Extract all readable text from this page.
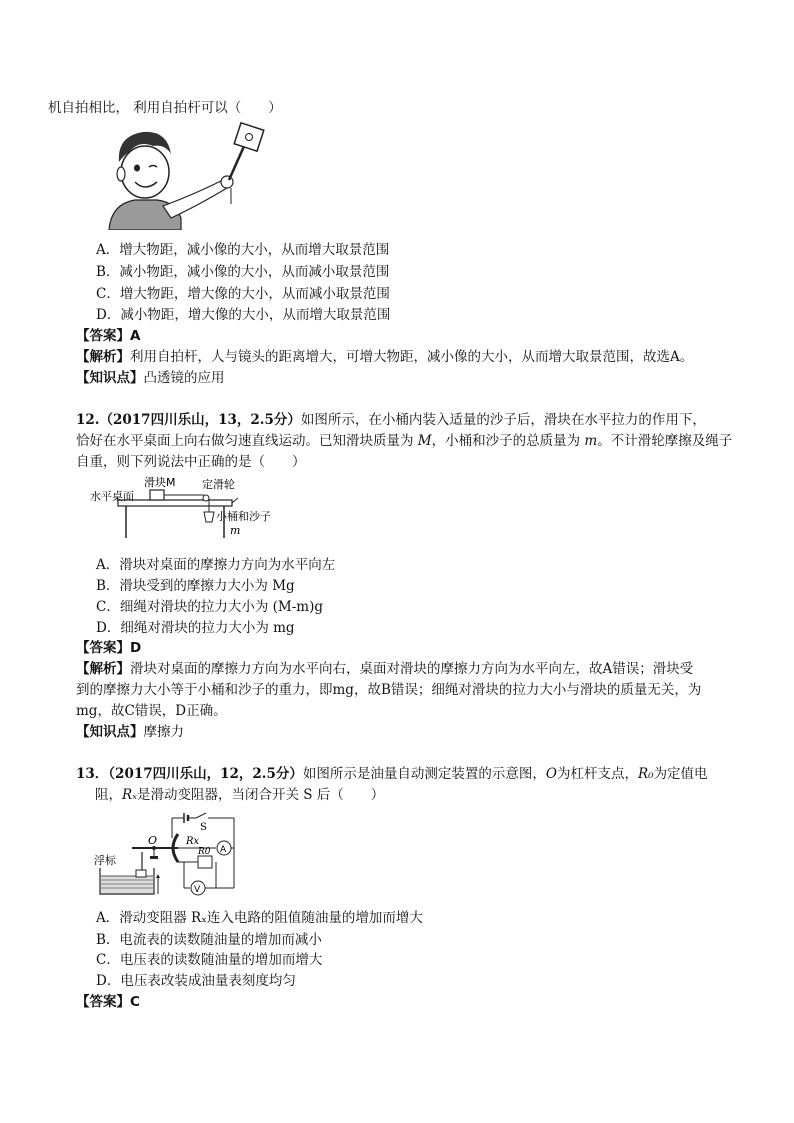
机自拍相比， 利用自拍杆可以（　　）
A．增大物距，减小像的大小，从而增大取景范围
B．减小物距，减小像的大小，从而减小取景范围
C．增大物距，增大像的大小，从而减小取景范围
D．减小物距，增大像的大小，从而增大取景范围
【答案】A
【解析】利用自拍杆，人与镜头的距离增大，可增大物距，减小像的大小，从而增大取景范围，故选A。
【知识点】凸透镜的应用
12.（2017四川乐山，13，2.5分）如图所示，在小桶内装入适量的沙子后，滑块在水平拉力的作用下，
恰好在水平桌面上向右做匀速直线运动。已知滑块质量为 M，小桶和沙子的总质量为 m。不计滑轮摩擦及绳子
自重，则下列说法中正确的是（　　）
水平桌面
滑块M 定滑轮
小桶和沙子
m
A．滑块对桌面的摩擦力方向为水平向左
B．滑块受到的摩擦力大小为 Mg
C．细绳对滑块的拉力大小为 (M-m)g
D．细绳对滑块的拉力大小为 mg
【答案】D
【解析】滑块对桌面的摩擦力方向为水平向右，桌面对滑块的摩擦力方向为水平向左，故A错误；滑块受
到的摩擦力大小等于小桶和沙子的重力，即mg，故B错误；细绳对滑块的拉力大小与滑块的质量无关，为
mg，故C错误，D正确。
【知识点】摩擦力
13．（2017四川乐山，12，2.5分）如图所示是油量自动测定装置的示意图，O为杠杆支点，R₀为定值电
阻，Rₓ是滑动变阻器，当闭合开关 S 后（　　）
浮标
O
S
Rx
R0 A
V
A．滑动变阻器 Rₓ连入电路的阻值随油量的增加而增大
B．电流表的读数随油量的增加而减小
C．电压表的读数随油量的增加而增大
D．电压表改装成油量表刻度均匀
【答案】C
